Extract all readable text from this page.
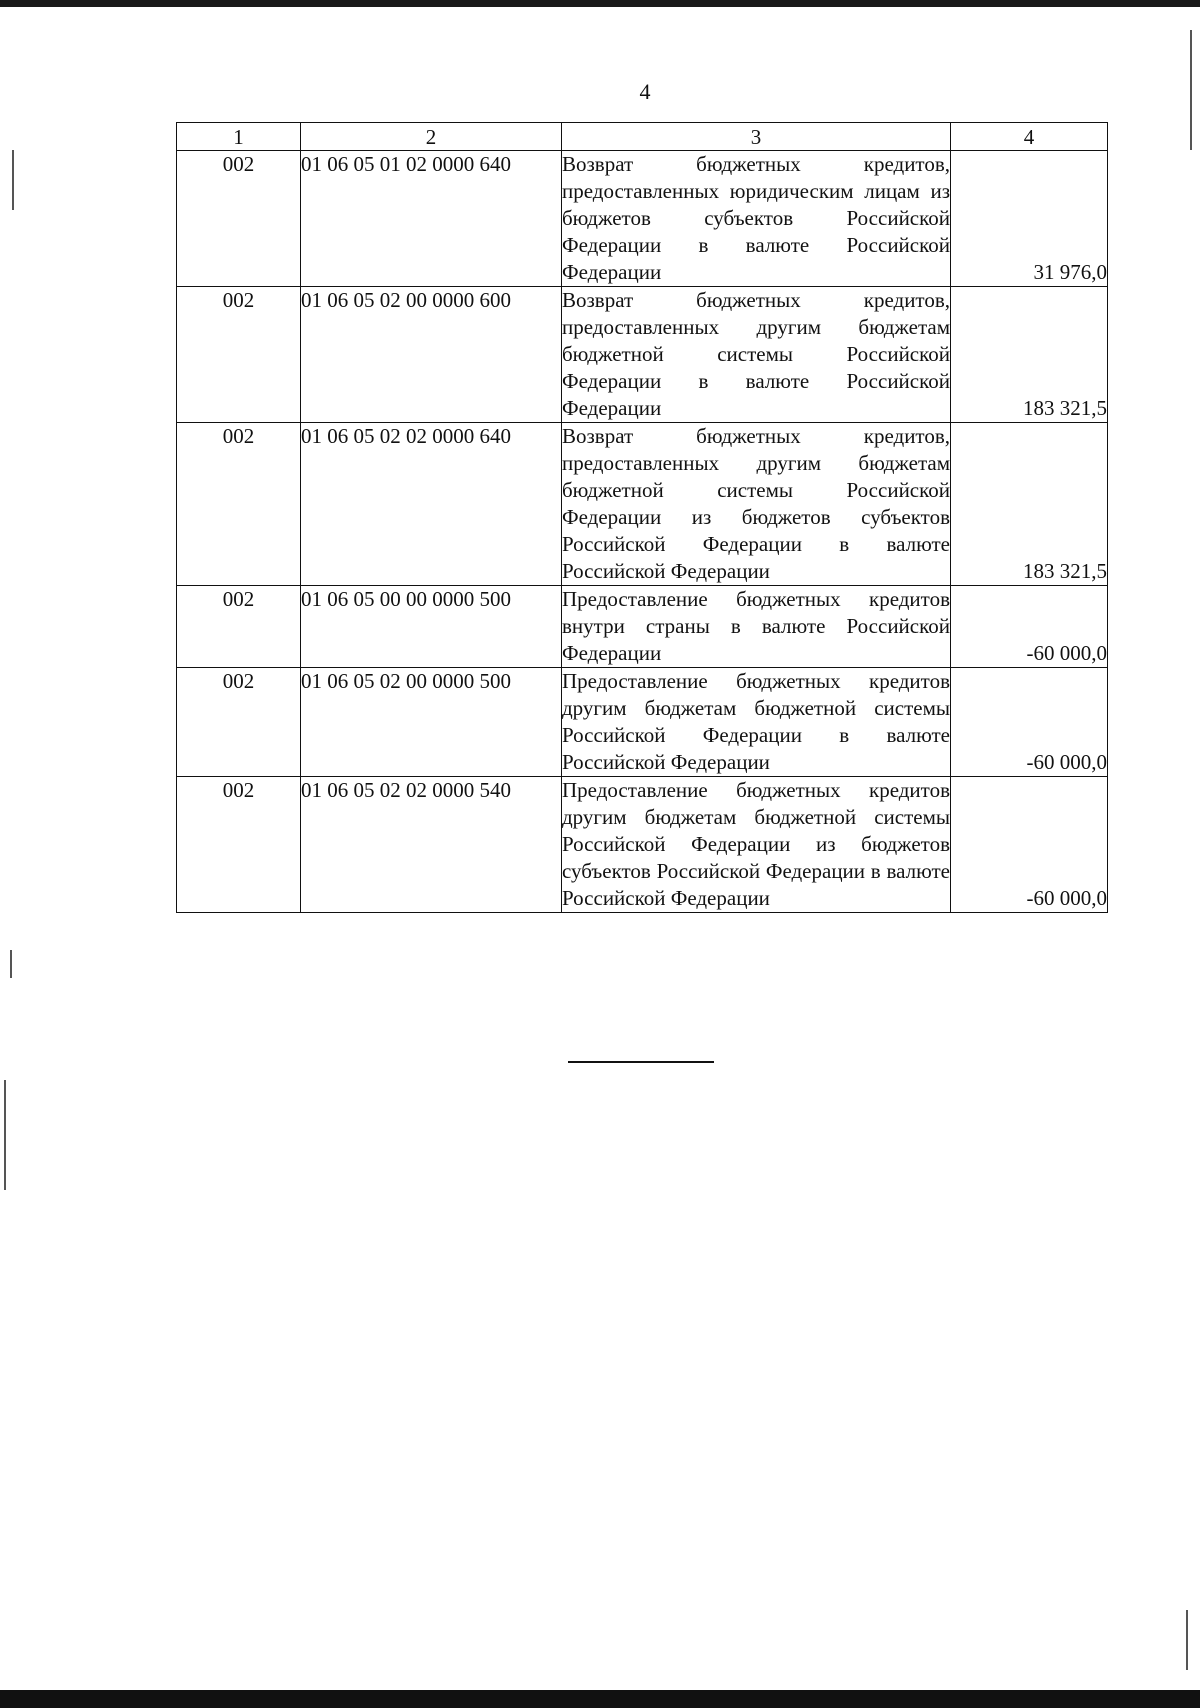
4
1	2	3	4
002	01 06 05 01 02 0000 640	Возврат бюджетных кредитов, предоставленных юридическим лицам из бюджетов субъектов Российской Федерации в валюте Российской Федерации	31 976,0
002	01 06 05 02 00 0000 600	Возврат бюджетных кредитов, предоставленных другим бюджетам бюджетной системы Российской Федерации в валюте Российской Федерации	183 321,5
002	01 06 05 02 02 0000 640	Возврат бюджетных кредитов, предоставленных другим бюджетам бюджетной системы Российской Федерации из бюджетов субъектов Российской Федерации в валюте Российской Федерации	183 321,5
002	01 06 05 00 00 0000 500	Предоставление бюджетных кредитов внутри страны в валюте Российской Федерации	-60 000,0
002	01 06 05 02 00 0000 500	Предоставление бюджетных кредитов другим бюджетам бюджетной системы Российской Федерации в валюте Российской Федерации	-60 000,0
002	01 06 05 02 02 0000 540	Предоставление бюджетных кредитов другим бюджетам бюджетной системы Российской Федерации из бюджетов субъектов Российской Федерации в валюте Российской Федерации	-60 000,0
